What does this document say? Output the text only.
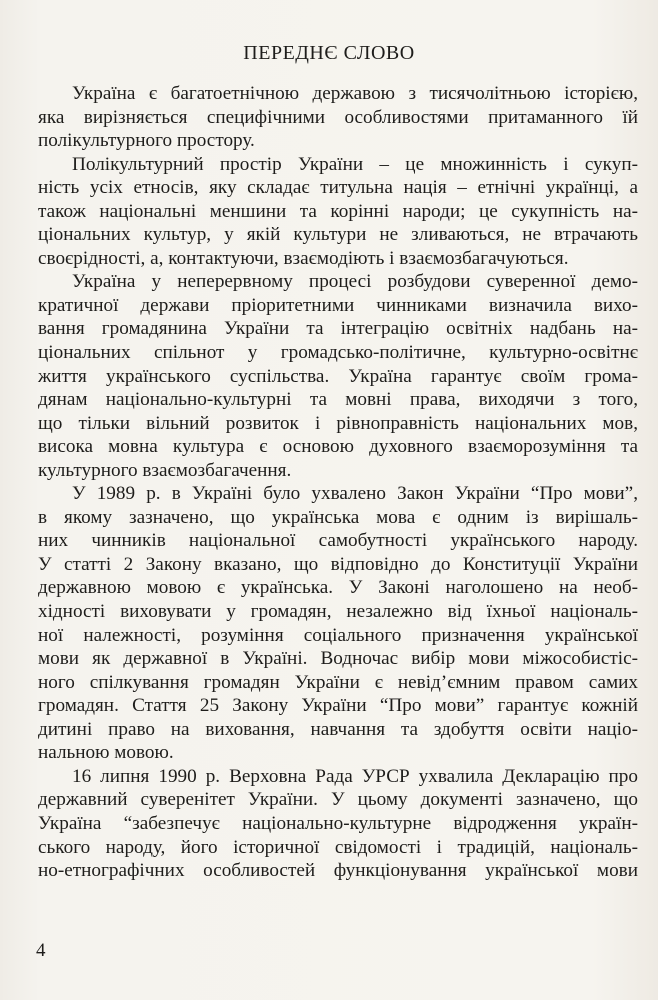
ПЕРЕДНЄ СЛОВО

Україна є багатоетнічною державою з тисячолітньою історією,
яка вирізняється специфічними особливостями притаманного їй
полікультурного простору.

Полікультурний простір України – це множинність і сукуп-
ність усіх етносів, яку складає титульна нація – етнічні українці, а
також національні меншини та корінні народи; це сукупність на-
ціональних культур, у якій культури не зливаються, не втрачають
своєрідності, а, контактуючи, взаємодіють і взаємозбагачуються.

Україна у неперервному процесі розбудови суверенної демо-
кратичної держави пріоритетними чинниками визначила вихо-
вання громадянина України та інтеграцію освітніх надбань на-
ціональних спільнот у громадсько-політичне, культурно-освітнє
життя українського суспільства. Україна гарантує своїм грома-
дянам національно-культурні та мовні права, виходячи з того,
що тільки вільний розвиток і рівноправність національних мов,
висока мовна культура є основою духовного взаєморозуміння та
культурного взаємозбагачення.

У 1989 р. в Україні було ухвалено Закон України “Про мови”,
в якому зазначено, що українська мова є одним із вирішаль-
них чинників національної самобутності українського народу.
У статті 2 Закону вказано, що відповідно до Конституції України
державною мовою є українська. У Законі наголошено на необ-
хідності виховувати у громадян, незалежно від їхньої національ-
ної належності, розуміння соціального призначення української
мови як державної в Україні. Водночас вибір мови міжособистіс-
ного спілкування громадян України є невід’ємним правом самих
громадян. Стаття 25 Закону України “Про мови” гарантує кожній
дитині право на виховання, навчання та здобуття освіти націо-
нальною мовою.

16 липня 1990 р. Верховна Рада УРСР ухвалила Декларацію про
державний суверенітет України. У цьому документі зазначено, що
Україна “забезпечує національно-культурне відродження україн-
ського народу, його історичної свідомості і традицій, національ-
но-етнографічних особливостей функціонування української мови

4
